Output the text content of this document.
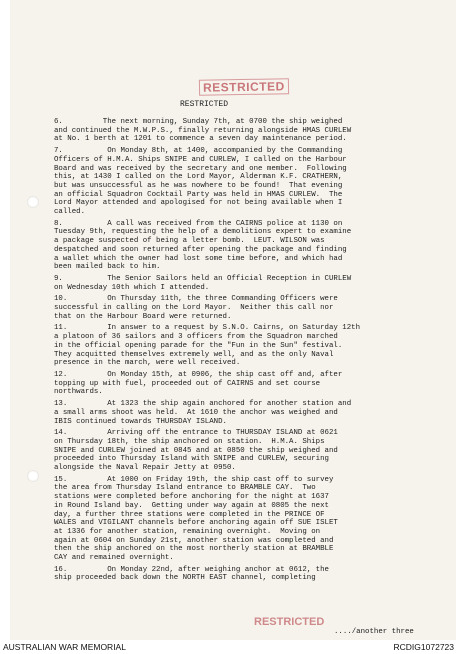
RESTRICTED
RESTRICTED
6.         The next morning, Sunday 7th, at 0700 the ship weighed
and continued the M.W.P.S., finally returning alongside HMAS CURLEW
at No. 1 berth at 1201 to commence a seven day maintenance period.
7.          On Monday 8th, at 1400, accompanied by the Commanding
Officers of H.M.A. Ships SNIPE and CURLEW, I called on the Harbour
Board and was received by the secretary and one member.  Following
this, at 1430 I called on the Lord Mayor, Alderman K.F. CRATHERN,
but was unsuccessful as he was nowhere to be found!  That evening
an official Squadron Cocktail Party was held in HMAS CURLEW.  The
Lord Mayor attended and apologised for not being available when I
called.
8.          A call was received from the CAIRNS police at 1130 on
Tuesday 9th, requesting the help of a demolitions expert to examine
a package suspected of being a letter bomb.  LEUT. WILSON was
despatched and soon returned after opening the package and finding
a wallet which the owner had lost some time before, and which had
been mailed back to him.
9.          The Senior Sailors held an Official Reception in CURLEW
on Wednesday 10th which I attended.
10.         On Thursday 11th, the three Commanding Officers were
successful in calling on the Lord Mayor.  Neither this call nor
that on the Harbour Board were returned.
11.         In answer to a request by S.N.O. Cairns, on Saturday 12th
a platoon of 36 sailors and 3 officers from the Squadron marched
in the official opening parade for the "Fun in the Sun" festival.
They acquitted themselves extremely well, and as the only Naval
presence in the march, were well received.
12.         On Monday 15th, at 0906, the ship cast off and, after
topping up with fuel, proceeded out of CAIRNS and set course
northwards.
13.         At 1323 the ship again anchored for another station and
a small arms shoot was held.  At 1610 the anchor was weighed and
IBIS continued towards THURSDAY ISLAND.
14.         Arriving off the entrance to THURSDAY ISLAND at 0621
on Thursday 18th, the ship anchored on station.  H.M.A. Ships
SNIPE and CURLEW joined at 0845 and at 0850 the ship weighed and
proceeded into Thursday Island with SNIPE and CURLEW, securing
alongside the Naval Repair Jetty at 0950.
15.         At 1000 on Friday 19th, the ship cast off to survey
the area from Thursday Island entrance to BRAMBLE CAY.  Two
stations were completed before anchoring for the night at 1637
in Round Island bay.  Getting under way again at 0805 the next
day, a further three stations were completed in the PRINCE OF
WALES and VIGILANT channels before anchoring again off SUE ISLET
at 1336 for another station, remaining overnight.  Moving on
again at 0604 on Sunday 21st, another station was completed and
then the ship anchored on the most northerly station at BRAMBLE
CAY and remained overnight.
16.         On Monday 22nd, after weighing anchor at 0612, the
ship proceeded back down the NORTH EAST channel, completing
RESTRICTED
..../another three
AUSTRALIAN WAR MEMORIAL	RCDIG1072723
